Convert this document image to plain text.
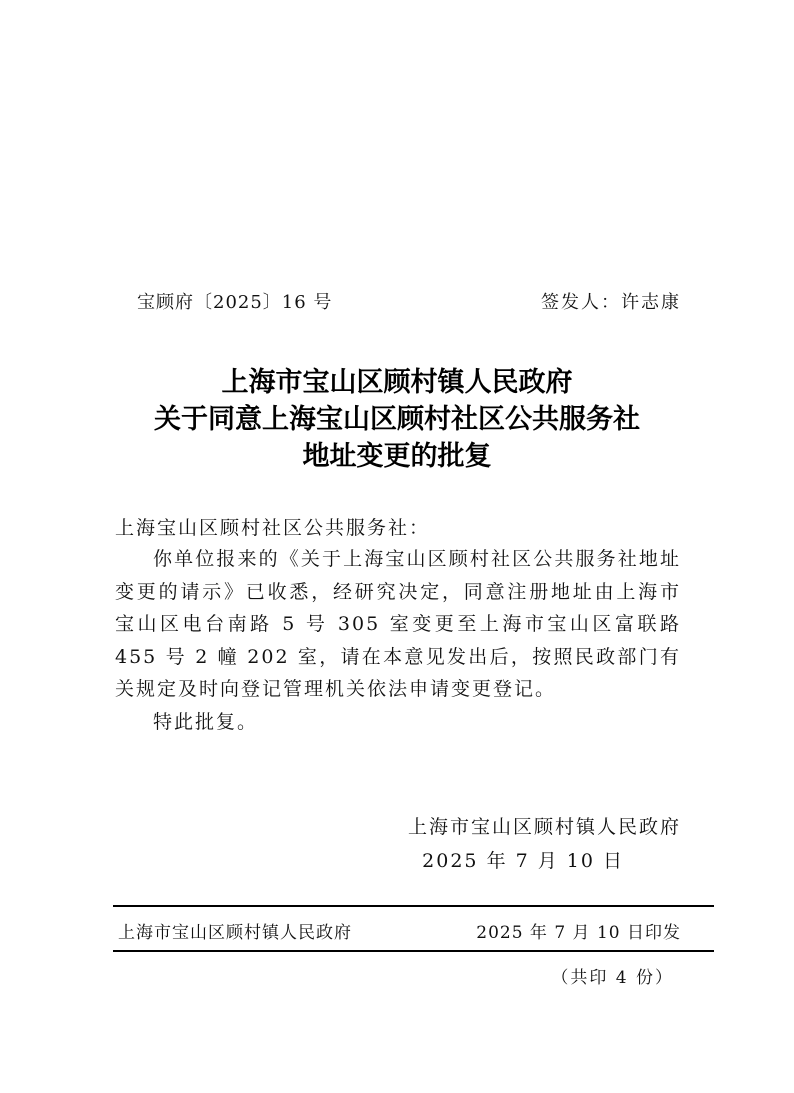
宝顾府〔2025〕16 号	签发人：许志康
上海市宝山区顾村镇人民政府
关于同意上海宝山区顾村社区公共服务社
地址变更的批复
上海宝山区顾村社区公共服务社：

你单位报来的《关于上海宝山区顾村社区公共服务社地址变更的请示》已收悉，经研究决定，同意注册地址由上海市宝山区电台南路 5 号 305 室变更至上海市宝山区富联路 455 号 2 幢 202 室，请在本意见发出后，按照民政部门有关规定及时向登记管理机关依法申请变更登记。

特此批复。

上海市宝山区顾村镇人民政府
2025 年 7 月 10 日
上海市宝山区顾村镇人民政府	2025 年 7 月 10 日印发
（共印 4 份）
